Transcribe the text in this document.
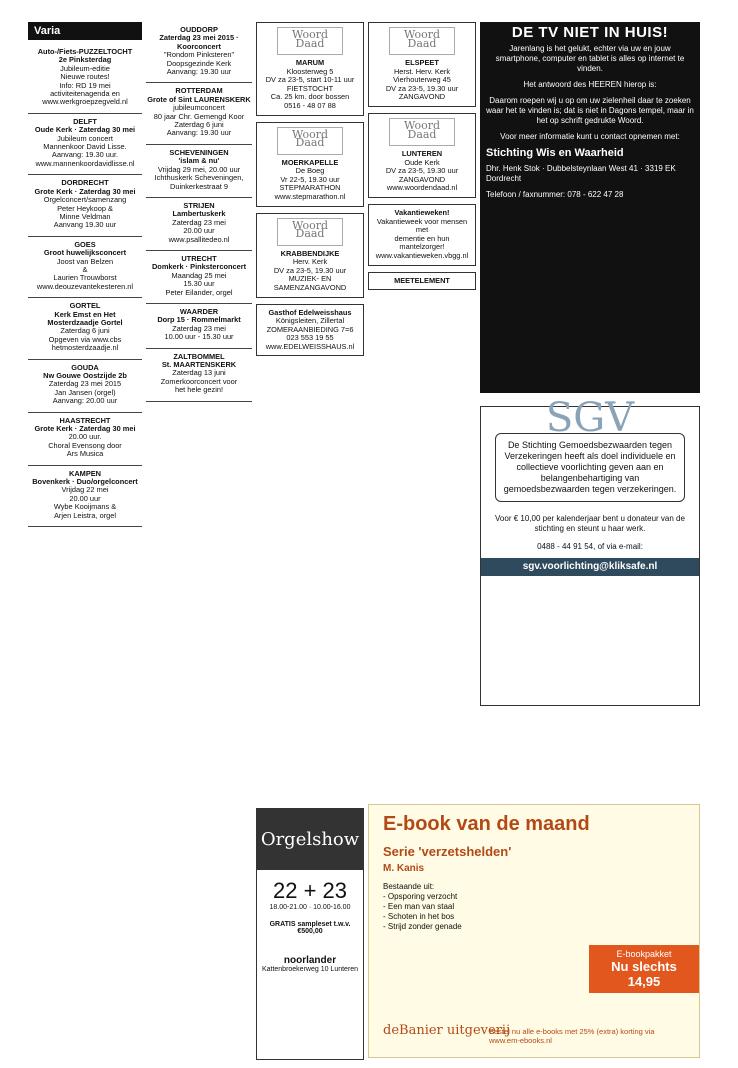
Varia
Auto-/Fiets-PUZZELTOCHT
2e Pinksterdag
Jubileum-editie
Nieuwe routes!
Info: RD 19 mei
activiteitenagenda en
www.werkgroepzegveld.nl
DELFT
Oude Kerk · Zaterdag 30 mei
Jubileum concert
Mannenkoor David Lisse.
Aanvang: 19.30 uur.
www.mannenkoordavidlisse.nl
DORDRECHT
Grote Kerk · Zaterdag 30 mei
Orgelconcert/samenzang
Peter Heykoop &
Minne Veldman
Aanvang 19.30 uur
GOES
Groot huwelijksconcert
Joost van Belzen
&
Laurien Trouwborst
www.deouzevantekesteren.nl
GORTEL
Kerk Emst en Het Mosterdzaadje Gortel
Zaterdag 6 juni
Opgeven via www.cbs
hetmosterdzaadje.nl
GOUDA
Nw Gouwe Oostzijde 2b
Zaterdag 23 mei 2015
Jan Jansen (orgel)
Aanvang: 20.00 uur
HAASTRECHT
Grote Kerk · Zaterdag 30 mei
20.00 uur.
Choral Evensong door
Ars Musica
KAMPEN
Bovenkerk · Duo/orgelconcert
Vrijdag 22 mei
20.00 uur
Wybe Kooijmans &
Arjen Leistra, orgel
OUDDORP
Zaterdag 23 mei 2015 · Koorconcert
"Rondom Pinksteren"
Doopsgezinde Kerk
Aanvang: 19.30 uur
ROTTERDAM
Grote of Sint LAURENSKERK
jubileumconcert
80 jaar Chr. Gemengd Koor
Zaterdag 6 juni
Aanvang: 19.30 uur
SCHEVENINGEN
'islam & nu'
Vrijdag 29 mei, 20.00 uur
Ichthuskerk Scheveningen,
Duinkerkestraat 9
STRIJEN
Lambertuskerk
Zaterdag 23 mei
20.00 uur
www.psallitedeo.nl
UTRECHT
Domkerk · Pinksterconcert
Maandag 25 mei
15.30 uur
Peter Eilander, orgel
WAARDER
Dorp 15 · Rommelmarkt
Zaterdag 23 mei
10.00 uur - 15.30 uur
ZALTBOMMEL
St. MAARTENSKERK
Zaterdag 13 juni
Zomerkoorconcert voor
het hele gezin!
Woord Daad
MARUM
Kloosterweg 5
DV za 23-5, start 10-11 uur
FIETSTOCHT
Ca. 25 km. door bossen
0516 - 48 07 88
Woord Daad
MOERKAPELLE
De Boeg
Vr 22-5, 19.30 uur
STEPMARATHON
www.stepmarathon.nl
Woord Daad
KRABBENDIJKE
Herv. Kerk
DV za 23-5, 19.30 uur
MUZIEK- EN
SAMENZANGAVOND
Gasthof Edelweisshaus
Königsleiten, Zillertal
ZOMERAANBIEDING 7=6
023 553 19 55
www.EDELWEISSHAUS.nl
Woord Daad
ELSPEET
Herst. Herv. Kerk
Vierhouterweg 45
DV za 23-5, 19.30 uur
ZANGAVOND
Woord Daad
LUNTEREN
Oude Kerk
DV za 23-5, 19.30 uur
ZANGAVOND
www.woordendaad.nl
Vakantieweken!
Vakantieweek voor mensen met
dementie en hun mantelzorger!
www.vakantieweken.vbgg.nl
MEETELEMENT
DE TV NIET IN HUIS!

Jarenlang is het gelukt, echter via uw en jouw smartphone, computer en tablet is alles op internet te vinden.

Het antwoord des HEEREN hierop is:

Daarom roepen wij u op om uw zielenheil daar te zoeken waar het te vinden is; dat is niet in Dagons tempel, maar in het op schrift gedrukte Woord.

Voor meer informatie kunt u contact opnemen met:

Stichting Wis en Waarheid

Dhr. Henk Stok · Dubbelsteynlaan West 41 · 3319 EK Dordrecht

Telefoon / faxnummer: 078 - 622 47 28

SGV
De Stichting Gemoedsbezwaarden tegen Verzekeringen heeft als doel individuele en collectieve voorlichting geven aan en belangenbehartiging van gemoedsbezwaarden tegen verzekeringen.
Voor € 10,00 per kalenderjaar bent u donateur van de stichting en steunt u haar werk.
0488 - 44 91 54, of via e-mail:
sgv.voorlichting@kliksafe.nl
Orgelshow
22 + 23
18.00-21.00 · 10.00-16.00
GRATIS sampleset t.w.v. €500,00
noorlander
Kattenbroekerweg 10 Lunteren
E-book van de maand
Serie 'verzetshelden'
M. Kanis
Bestaande uit:
- Opsporing verzocht
- Een man van staal
- Schoten in het bos
- Strijd zonder genade
E-bookpakket
Nu slechts 14,95
deBanier uitgeverij
Bestel nu alle e-books met 25% (extra) korting via www.em-ebooks.nl
